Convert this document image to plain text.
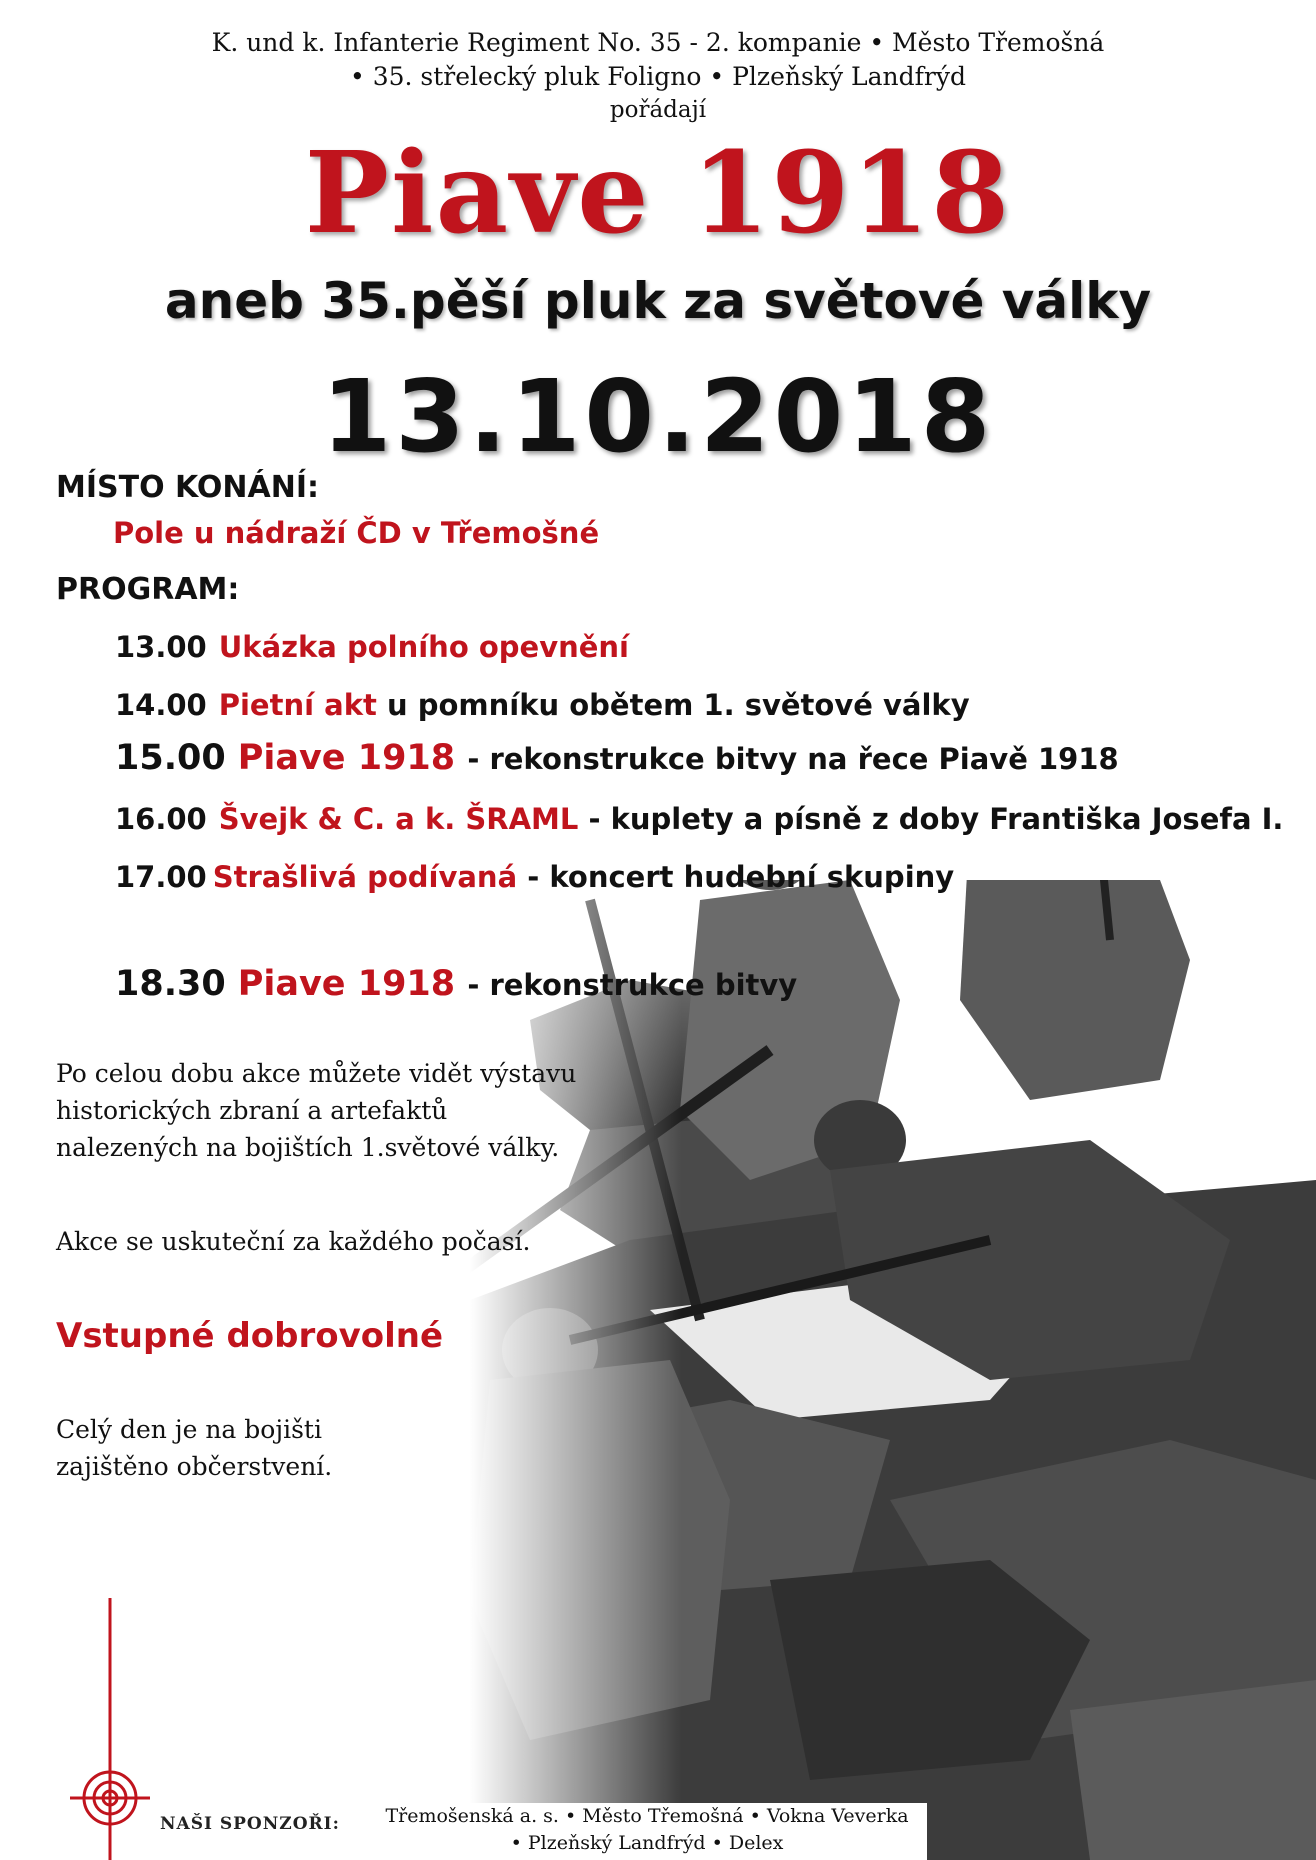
K. und k. Infanterie Regiment No. 35 - 2. kompanie • Město Třemošná
• 35. střelecký pluk Foligno • Plzeňský Landfrýd
pořádají
Piave 1918
aneb 35.pěší pluk za světové války
13.10.2018
MÍSTO KONÁNÍ:
Pole u nádraží ČD v Třemošné
PROGRAM:
13.00 Ukázka polního opevnění
14.00 Pietní akt u pomníku obětem 1. světové války
15.00 Piave 1918 - rekonstrukce bitvy na řece Piavě 1918
16.00 Švejk & C. a k. ŠRAML - kuplety a písně z doby Františka Josefa I.
17.00 Strašlivá podívaná - koncert hudební skupiny
18.30 Piave 1918 - rekonstrukce bitvy
Po celou dobu akce můžete vidět výstavu
historických zbraní a artefaktů
nalezených na bojištích 1.světové války.
Akce se uskuteční za každého počasí.
Vstupné dobrovolné
Celý den je na bojišti
zajištěno občerstvení.
NAŠI SPONZOŘI:	Třemošenská a. s. • Město Třemošná • Vokna Veverka
• Plzeňský Landfrýd • Delex
